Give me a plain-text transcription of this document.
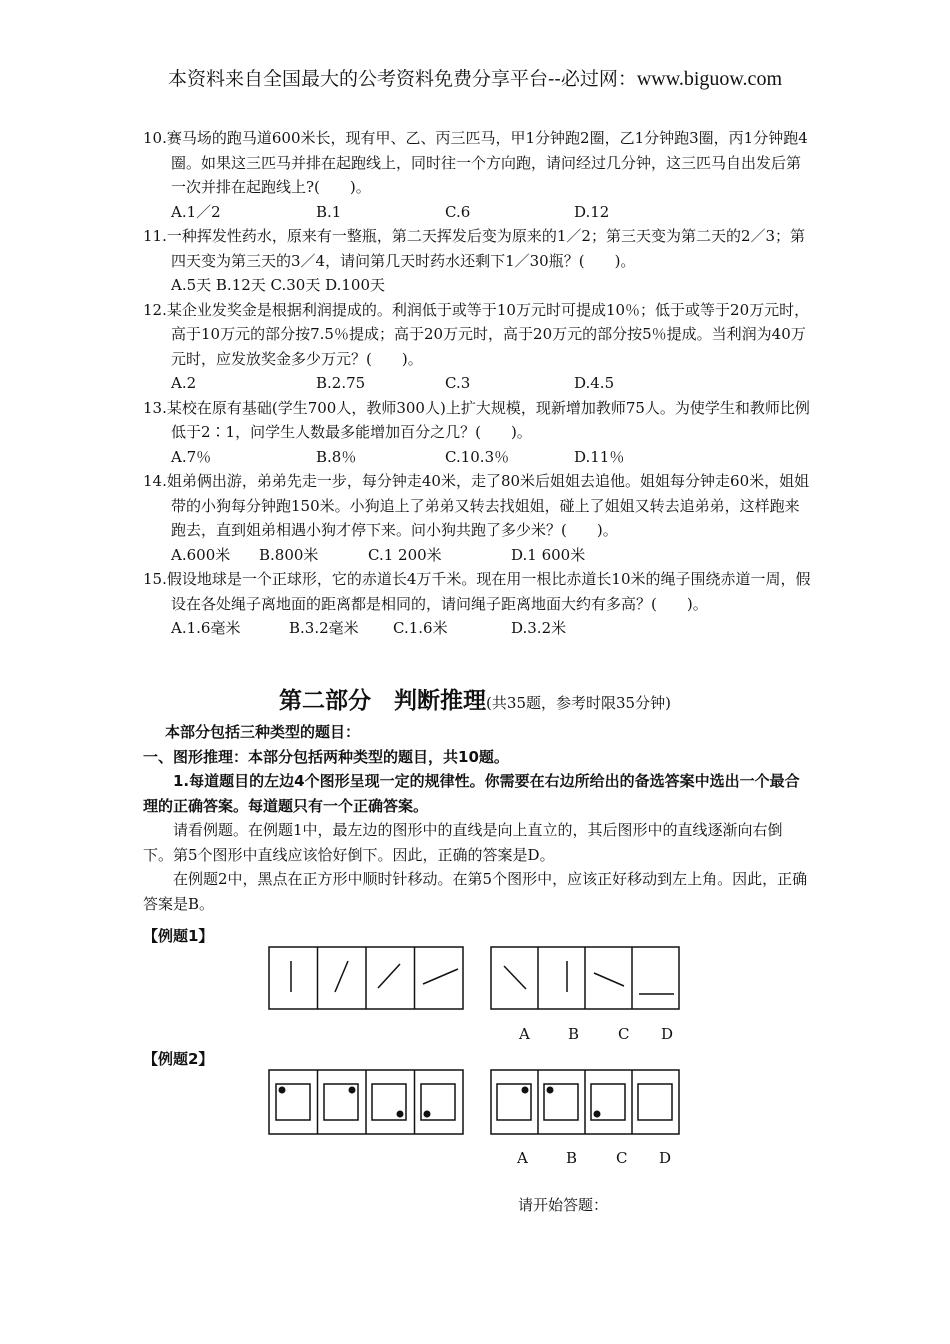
本资料来自全国最大的公考资料免费分享平台--必过网：www.biguow.com
10.赛马场的跑马道600米长，现有甲、乙、丙三匹马，甲1分钟跑2圈，乙1分钟跑3圈，丙1分钟跑4圈。如果这三匹马并排在起跑线上，同时往一个方向跑，请问经过几分钟，这三匹马自出发后第一次并排在起跑线上?(　　)。
A.1／2	B.1	C.6	D.12
11.一种挥发性药水，原来有一整瓶，第二天挥发后变为原来的1／2；第三天变为第二天的2／3；第四天变为第三天的3／4，请问第几天时药水还剩下1／30瓶？(　　)。
A.5天 B.12天 C.30天 D.100天
12.某企业发奖金是根据利润提成的。利润低于或等于10万元时可提成10％；低于或等于20万元时，高于10万元的部分按7.5％提成；高于20万元时，高于20万元的部分按5％提成。当利润为40万元时，应发放奖金多少万元？(　　)。
A.2	B.2.75	C.3	D.4.5
13.某校在原有基础(学生700人，教师300人)上扩大规模，现新增加教师75人。为使学生和教师比例低于2∶1，问学生人数最多能增加百分之几？(　　)。
A.7％	B.8％	C.10.3％	D.11％
14.姐弟俩出游，弟弟先走一步，每分钟走40米，走了80米后姐姐去追他。姐姐每分钟走60米，姐姐带的小狗每分钟跑150米。小狗追上了弟弟又转去找姐姐，碰上了姐姐又转去追弟弟，这样跑来跑去，直到姐弟相遇小狗才停下来。问小狗共跑了多少米？(　　)。
A.600米 B.800米	C.1 200米	D.1 600米
15.假设地球是一个正球形，它的赤道长4万千米。现在用一根比赤道长10米的绳子围绕赤道一周，假设在各处绳子离地面的距离都是相同的，请问绳子距离地面大约有多高？(　　)。
A.1.6毫米	B.3.2毫米 C.1.6米	D.3.2米
第二部分　判断推理(共35题，参考时限35分钟)
本部分包括三种类型的题目：
一、图形推理：本部分包括两种类型的题目，共10题。
1.每道题目的左边4个图形呈现一定的规律性。你需要在右边所给出的备选答案中选出一个最合理的正确答案。每道题只有一个正确答案。
请看例题。在例题1中，最左边的图形中的直线是向上直立的，其后图形中的直线逐渐向右倒下。第5个图形中直线应该恰好倒下。因此，正确的答案是D。
在例题2中，黑点在正方形中顺时针移动。在第5个图形中，应该正好移动到左上角。因此，正确答案是B。
【例题1】
A	B	C D
【例题2】
A	B	C D
请开始答题：
